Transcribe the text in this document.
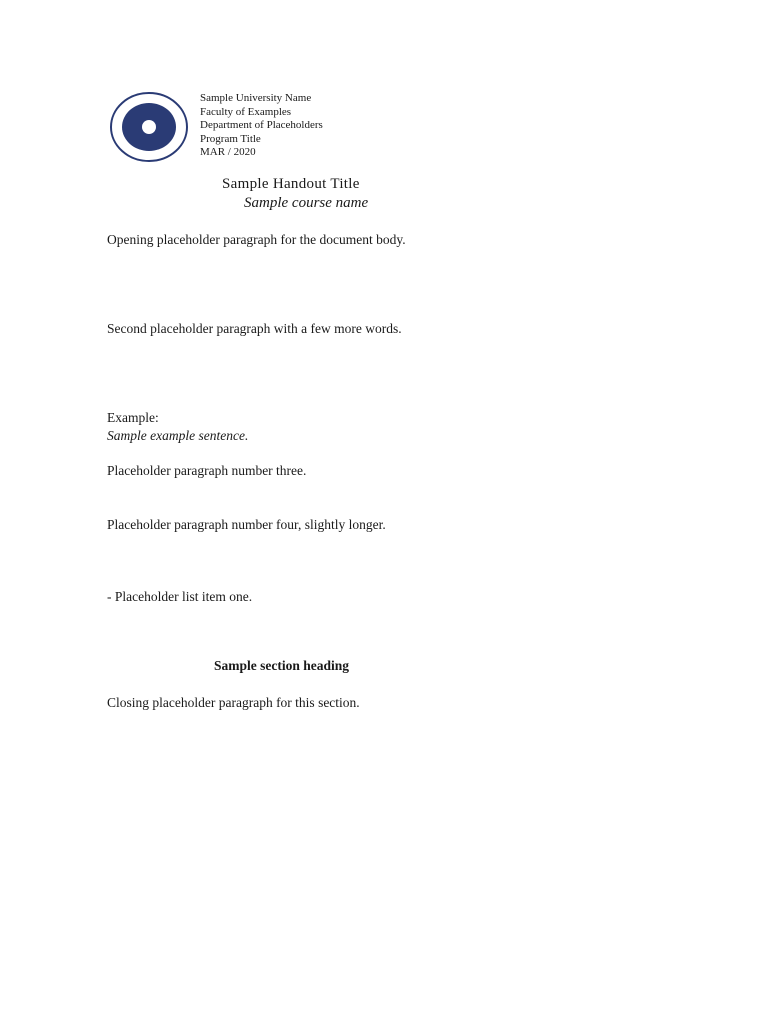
Sample University Name
Faculty of Examples
Department of Placeholders
Program Title
MAR / 2020
Sample Handout Title
Sample course name
Opening placeholder paragraph for the document body.
Second placeholder paragraph with a few more words.
Example:
Sample example sentence.
Placeholder paragraph number three.
Placeholder paragraph number four, slightly longer.
- Placeholder list item one.
Sample section heading
Closing placeholder paragraph for this section.
